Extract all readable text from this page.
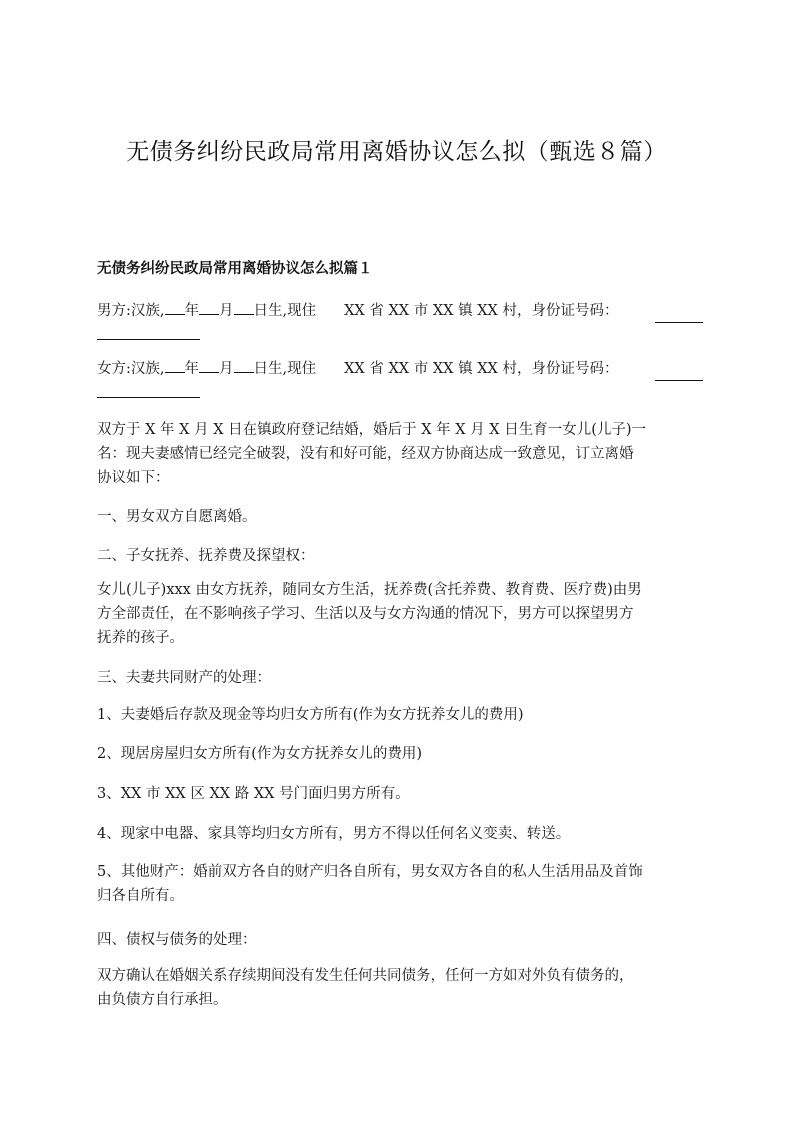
无债务纠纷民政局常用离婚协议怎么拟（甄选８篇）
无债务纠纷民政局常用离婚协议怎么拟篇１
男方:汉族, 年 月 日生,现住 XX 省 XX 市 XX 镇 XX 村，身份证号码：
女方:汉族, 年 月 日生,现住 XX 省 XX 市 XX 镇 XX 村，身份证号码：
双方于 X 年 X 月 X 日在镇政府登记结婚，婚后于 X 年 X 月 X 日生育一女儿(儿子)一
名：现夫妻感情已经完全破裂，没有和好可能，经双方协商达成一致意见，订立离婚
协议如下：
一、男女双方自愿离婚。
二、子女抚养、抚养费及探望权：
女儿(儿子)xxx 由女方抚养，随同女方生活，抚养费(含托养费、教育费、医疗费)由男
方全部责任，在不影响孩子学习、生活以及与女方沟通的情况下，男方可以探望男方
抚养的孩子。
三、夫妻共同财产的处理：
1、夫妻婚后存款及现金等均归女方所有(作为女方抚养女儿的费用)
2、现居房屋归女方所有(作为女方抚养女儿的费用)
3、XX 市 XX 区 XX 路 XX 号门面归男方所有。
4、现家中电器、家具等均归女方所有，男方不得以任何名义变卖、转送。
5、其他财产：婚前双方各自的财产归各自所有，男女双方各自的私人生活用品及首饰
归各自所有。
四、债权与债务的处理：
双方确认在婚姻关系存续期间没有发生任何共同债务，任何一方如对外负有债务的，
由负债方自行承担。
